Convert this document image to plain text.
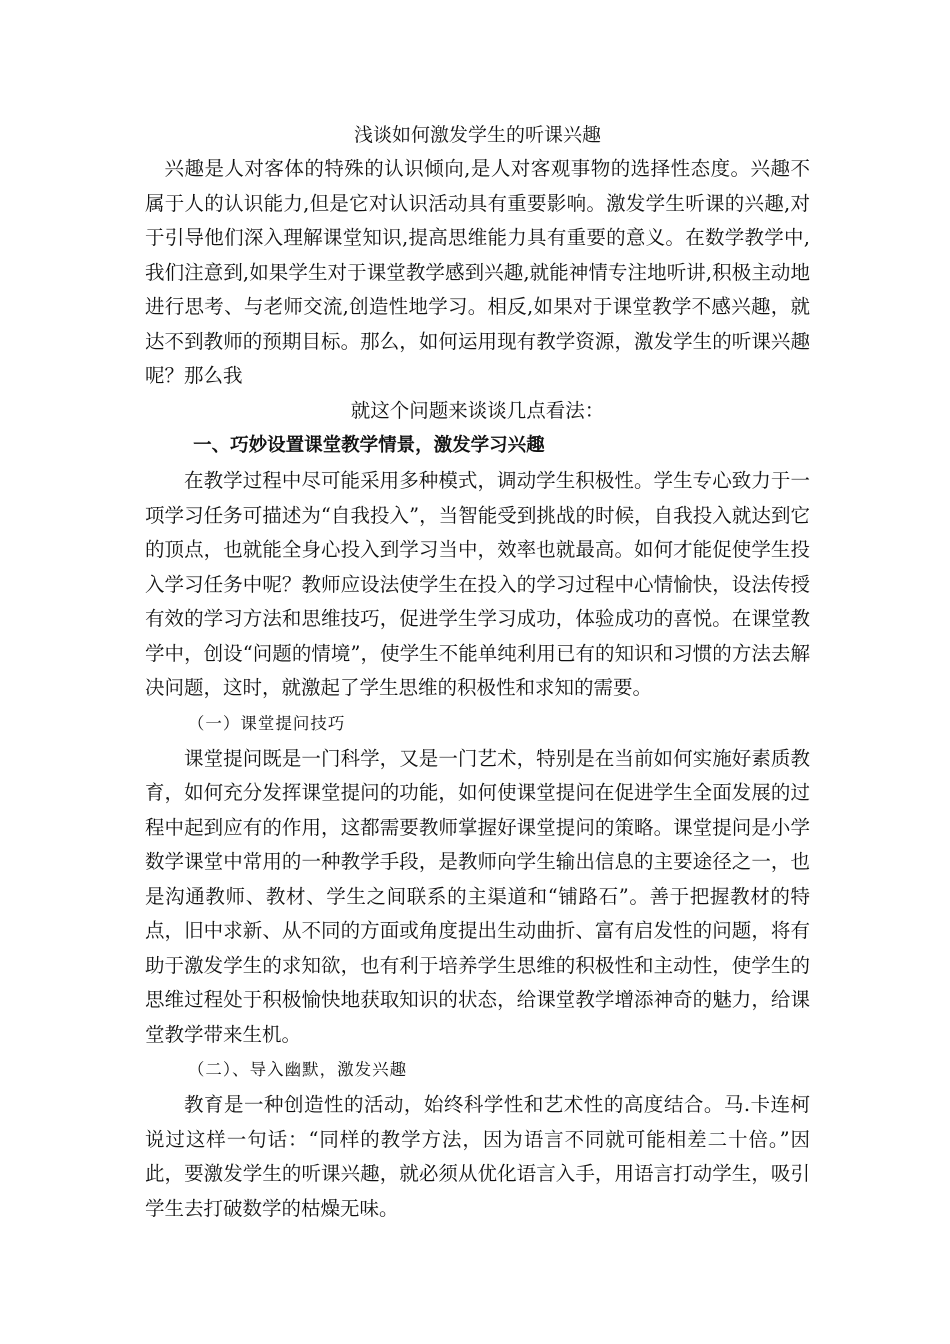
浅谈如何激发学生的听课兴趣

兴趣是人对客体的特殊的认识倾向,是人对客观事物的选择性态度。兴趣不属于人的认识能力,但是它对认识活动具有重要影响。激发学生听课的兴趣,对于引导他们深入理解课堂知识,提高思维能力具有重要的意义。在数学教学中,我们注意到,如果学生对于课堂教学感到兴趣,就能神情专注地听讲,积极主动地进行思考、与老师交流,创造性地学习。相反,如果对于课堂教学不感兴趣，就达不到教师的预期目标。那么，如何运用现有教学资源，激发学生的听课兴趣呢？那么我

就这个问题来谈谈几点看法：

一、巧妙设置课堂教学情景，激发学习兴趣

在教学过程中尽可能采用多种模式，调动学生积极性。学生专心致力于一项学习任务可描述为“自我投入”，当智能受到挑战的时候，自我投入就达到它的顶点，也就能全身心投入到学习当中，效率也就最高。如何才能促使学生投入学习任务中呢？教师应设法使学生在投入的学习过程中心情愉快，设法传授有效的学习方法和思维技巧，促进学生学习成功，体验成功的喜悦。在课堂教学中，创设“问题的情境”，使学生不能单纯利用已有的知识和习惯的方法去解决问题，这时，就激起了学生思维的积极性和求知的需要。

（一）课堂提问技巧

课堂提问既是一门科学，又是一门艺术，特别是在当前如何实施好素质教育，如何充分发挥课堂提问的功能，如何使课堂提问在促进学生全面发展的过程中起到应有的作用，这都需要教师掌握好课堂提问的策略。课堂提问是小学数学课堂中常用的一种教学手段，是教师向学生输出信息的主要途径之一，也是沟通教师、教材、学生之间联系的主渠道和“铺路石”。善于把握教材的特点，旧中求新、从不同的方面或角度提出生动曲折、富有启发性的问题，将有助于激发学生的求知欲，也有利于培养学生思维的积极性和主动性，使学生的思维过程处于积极愉快地获取知识的状态，给课堂教学增添神奇的魅力，给课堂教学带来生机。

（二）、导入幽默，激发兴趣

教育是一种创造性的活动，始终科学性和艺术性的高度结合。马.卡连柯说过这样一句话：“同样的教学方法，因为语言不同就可能相差二十倍。”因此，要激发学生的听课兴趣，就必须从优化语言入手，用语言打动学生，吸引学生去打破数学的枯燥无味。
